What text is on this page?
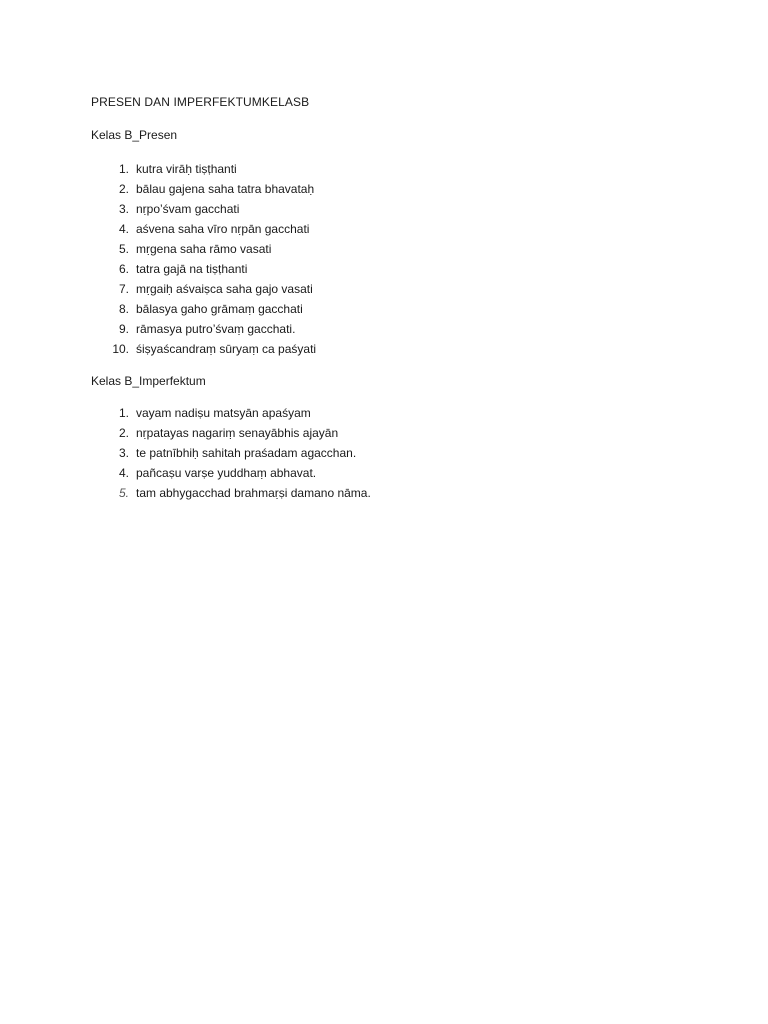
PRESEN DAN IMPERFEKTUMKELASB
Kelas B_Presen
1. kutra virāḥ tiṣṭhanti
2. bālau gajena saha tatra bhavataḥ
3. nṛpo’śvam gacchati
4. aśvena saha vīro nṛpān gacchati
5. mṛgena saha rāmo vasati
6. tatra gajā na tiṣṭhanti
7. mṛgaiḥ aśvaiṣca saha gajo vasati
8. bālasya gaho grāmaṃ gacchati
9. rāmasya putro’śvaṃ gacchati.
10. śiṣyaścandraṃ sūryaṃ ca paśyati
Kelas B_Imperfektum
1. vayam nadiṣu matsyān apaśyam
2. nṛpatayas nagariṃ senayābhis ajayān
3. te patnībhiḥ sahitah praśadam agacchan.
4. pañcaṣu varṣe yuddhaṃ abhavat.
5. tam abhygacchad brahmaṛṣi damano nāma.
